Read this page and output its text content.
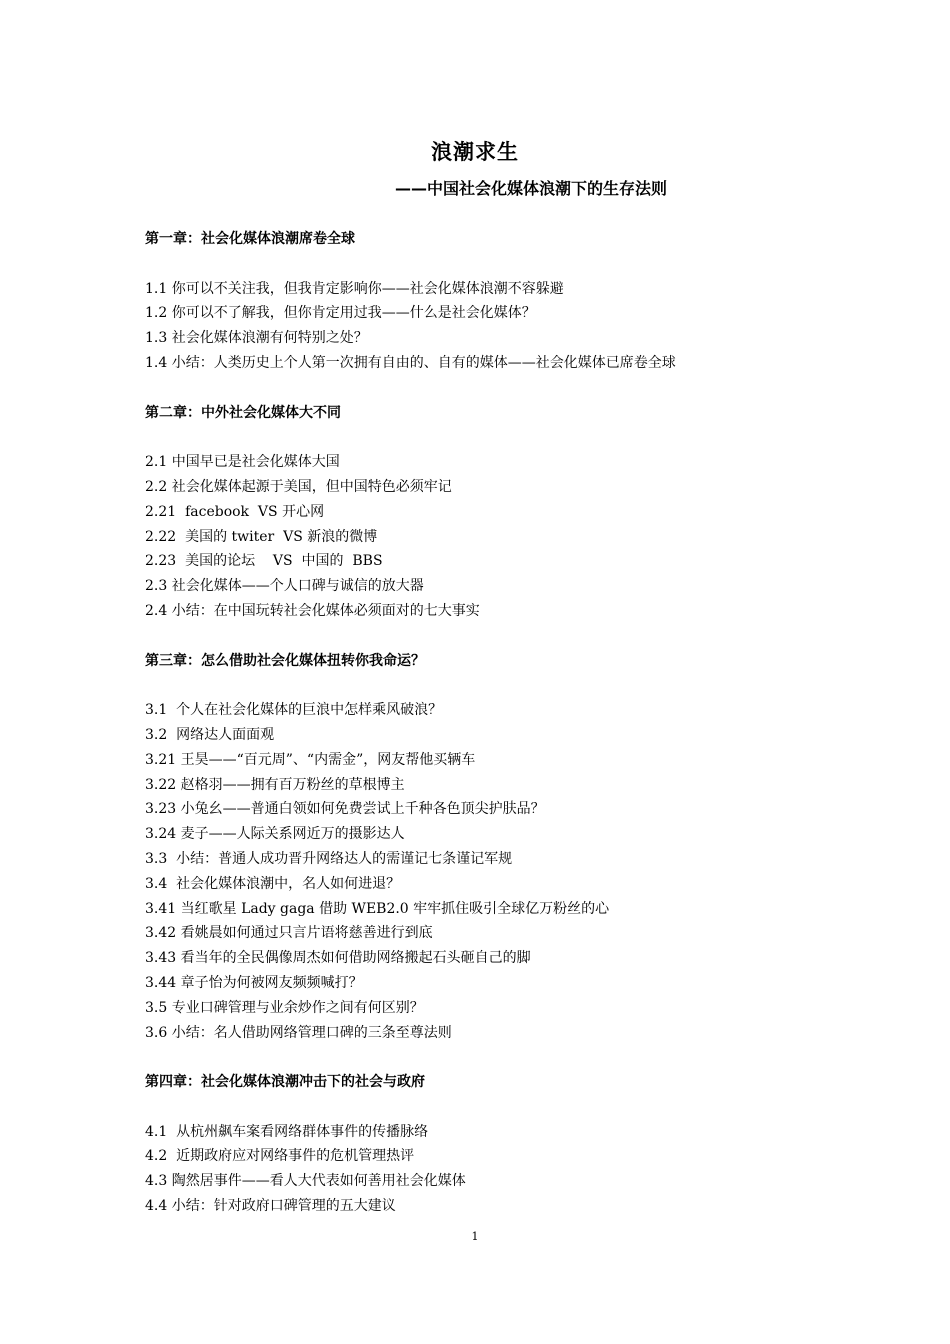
浪潮求生
——中国社会化媒体浪潮下的生存法则

第一章：社会化媒体浪潮席卷全球

1.1 你可以不关注我，但我肯定影响你——社会化媒体浪潮不容躲避

1.2 你可以不了解我，但你肯定用过我——什么是社会化媒体？

1.3 社会化媒体浪潮有何特别之处？

1.4 小结：人类历史上个人第一次拥有自由的、自有的媒体——社会化媒体已席卷全球

第二章：中外社会化媒体大不同

2.1 中国早已是社会化媒体大国

2.2 社会化媒体起源于美国，但中国特色必须牢记

2.21  facebook  VS 开心网

2.22  美国的 twiter  VS 新浪的微博

2.23  美国的论坛    VS  中国的  BBS

2.3 社会化媒体——个人口碑与诚信的放大器

2.4 小结：在中国玩转社会化媒体必须面对的七大事实

第三章：怎么借助社会化媒体扭转你我命运？

3.1  个人在社会化媒体的巨浪中怎样乘风破浪？

3.2  网络达人面面观

3.21 王昊——“百元周”、“内需金”，网友帮他买辆车

3.22 赵格羽——拥有百万粉丝的草根博主

3.23 小兔幺——普通白领如何免费尝试上千种各色顶尖护肤品？

3.24 麦子——人际关系网近万的摄影达人

3.3  小结：普通人成功晋升网络达人的需谨记七条谨记军规

3.4  社会化媒体浪潮中，名人如何进退？

3.41 当红歌星 Lady gaga 借助 WEB2.0 牢牢抓住吸引全球亿万粉丝的心

3.42 看姚晨如何通过只言片语将慈善进行到底

3.43 看当年的全民偶像周杰如何借助网络搬起石头砸自己的脚

3.44 章子怡为何被网友频频喊打？

3.5 专业口碑管理与业余炒作之间有何区别？

3.6 小结：名人借助网络管理口碑的三条至尊法则

第四章：社会化媒体浪潮冲击下的社会与政府

4.1  从杭州飙车案看网络群体事件的传播脉络

4.2  近期政府应对网络事件的危机管理热评

4.3 陶然居事件——看人大代表如何善用社会化媒体

4.4 小结：针对政府口碑管理的五大建议

1
